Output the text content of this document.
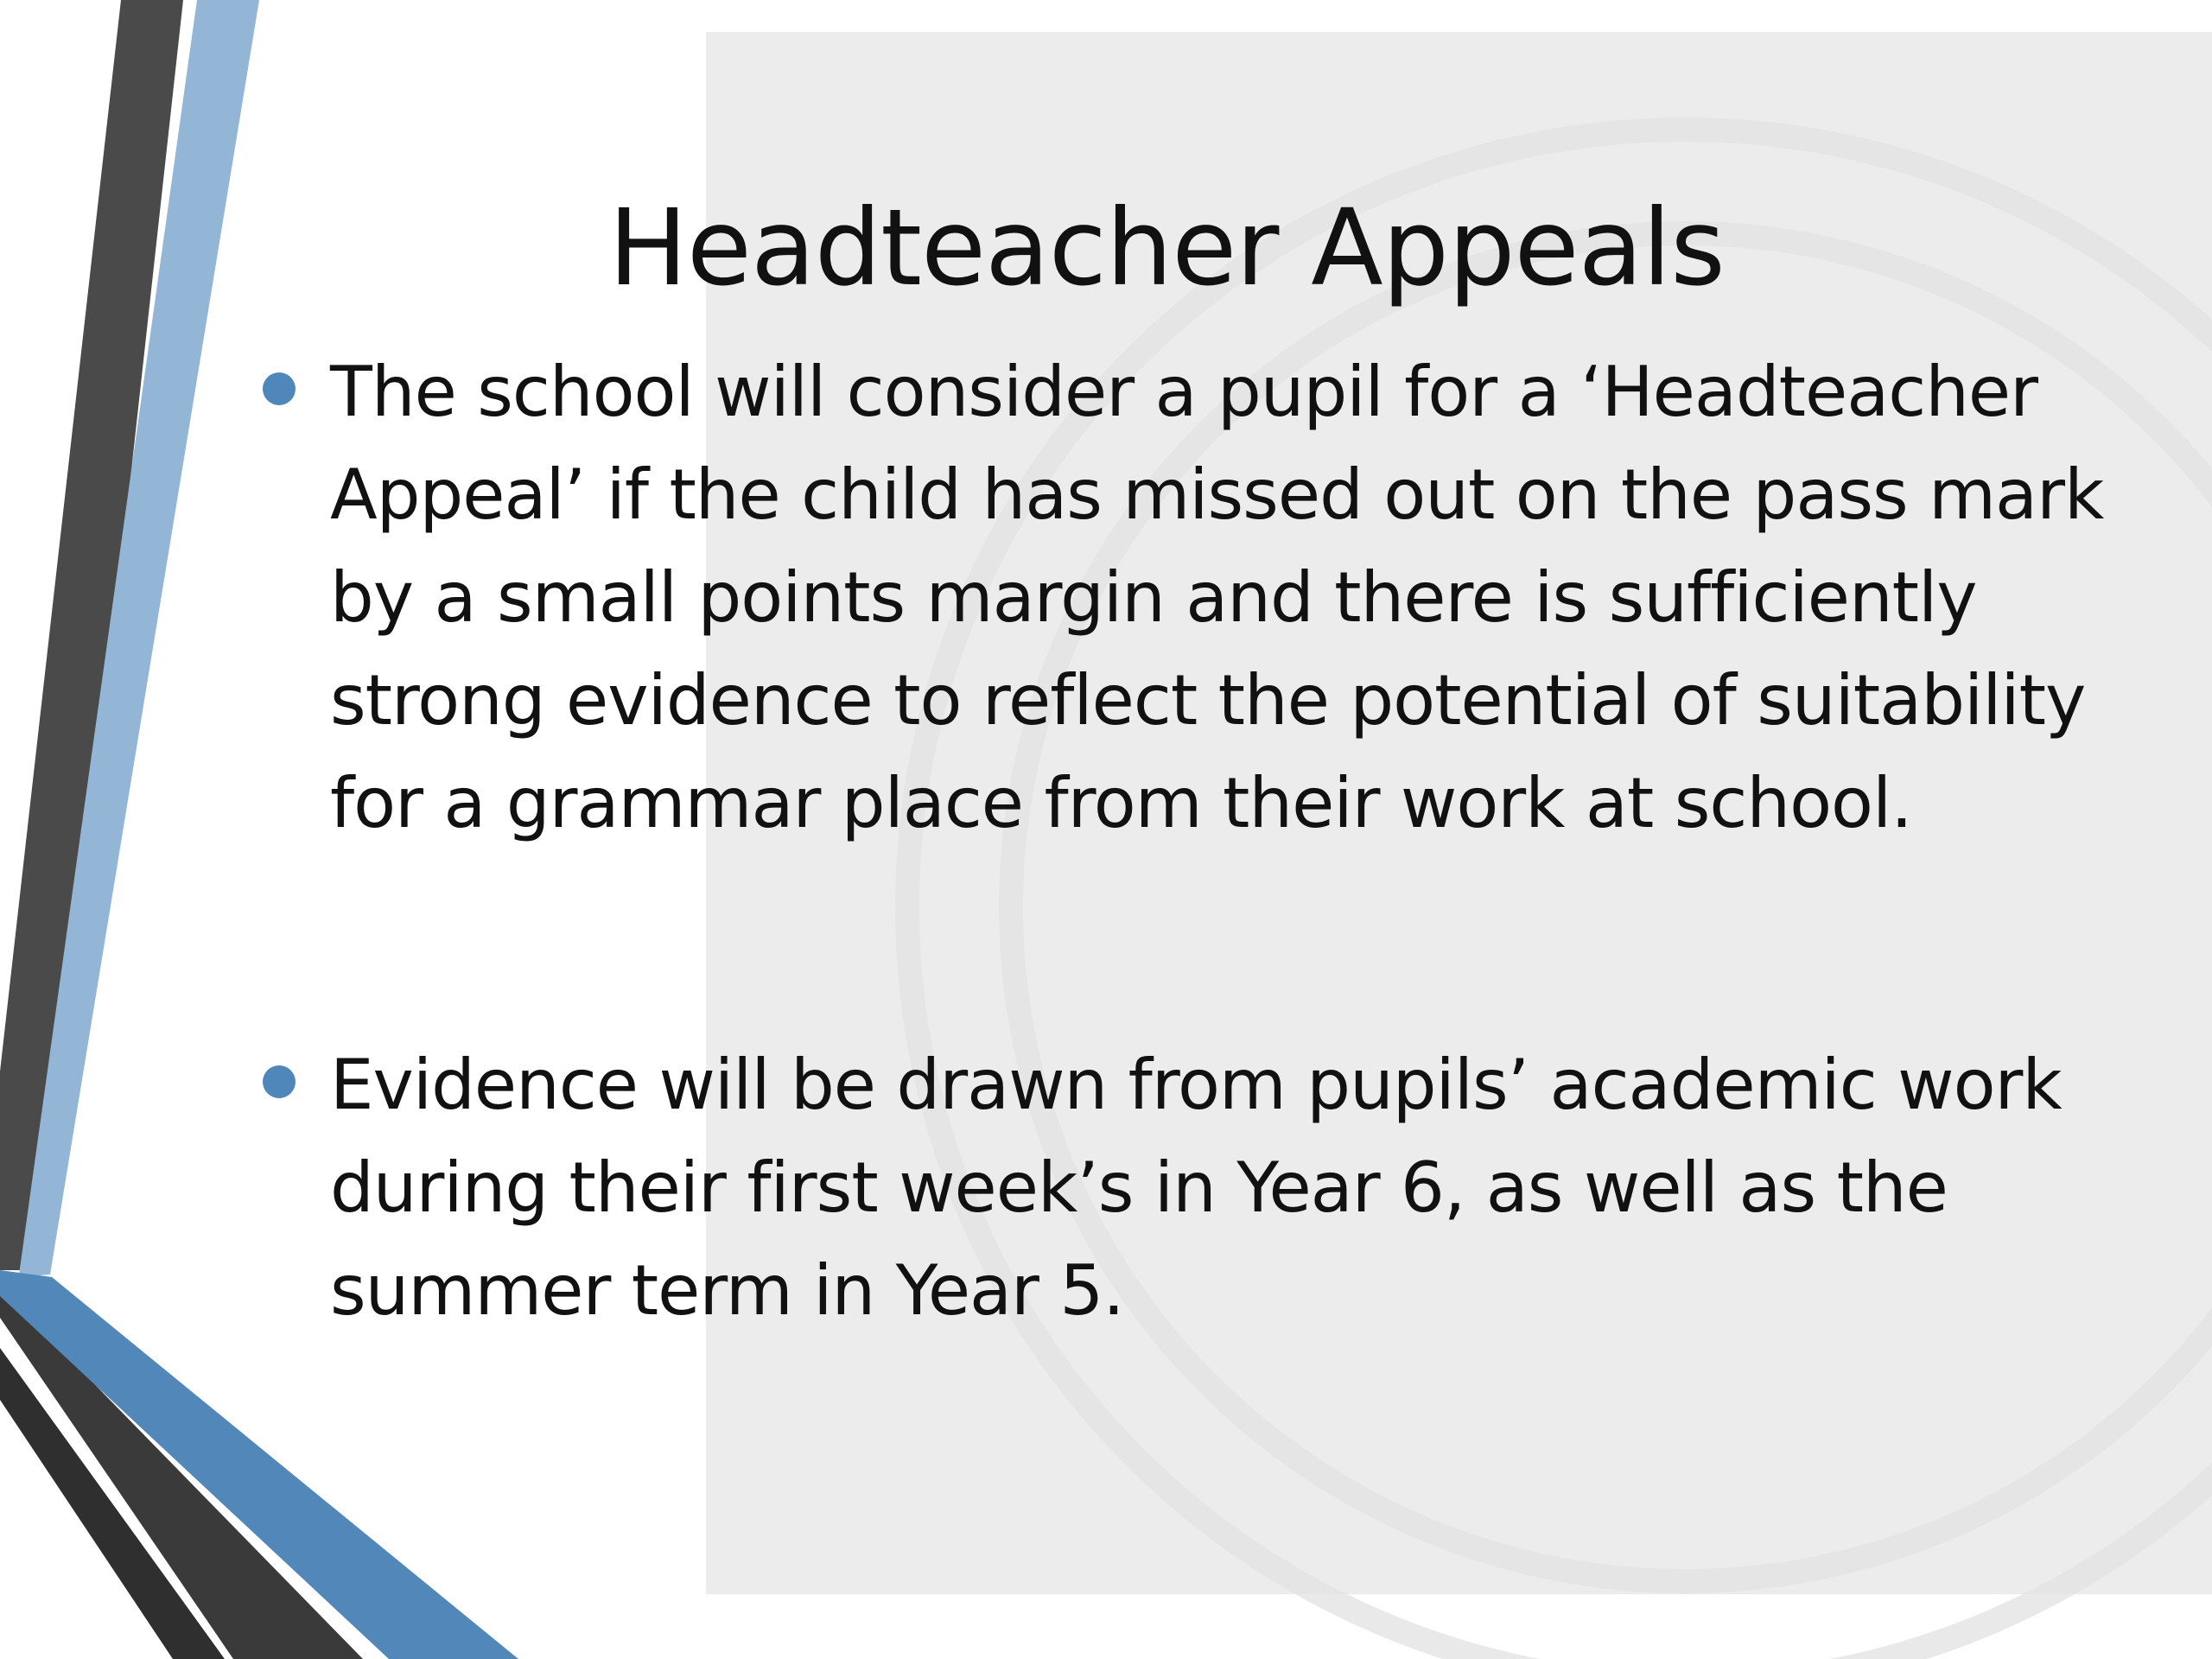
Headteacher Appeals
The school will consider a pupil for a ‘Headteacher Appeal’ if the child has missed out on the pass mark by a small points margin and there is sufficiently strong evidence to reflect the potential of suitability for a grammar place from their work at school.
Evidence will be drawn from pupils’ academic work during their first week’s in Year 6, as well as the summer term in Year 5.
